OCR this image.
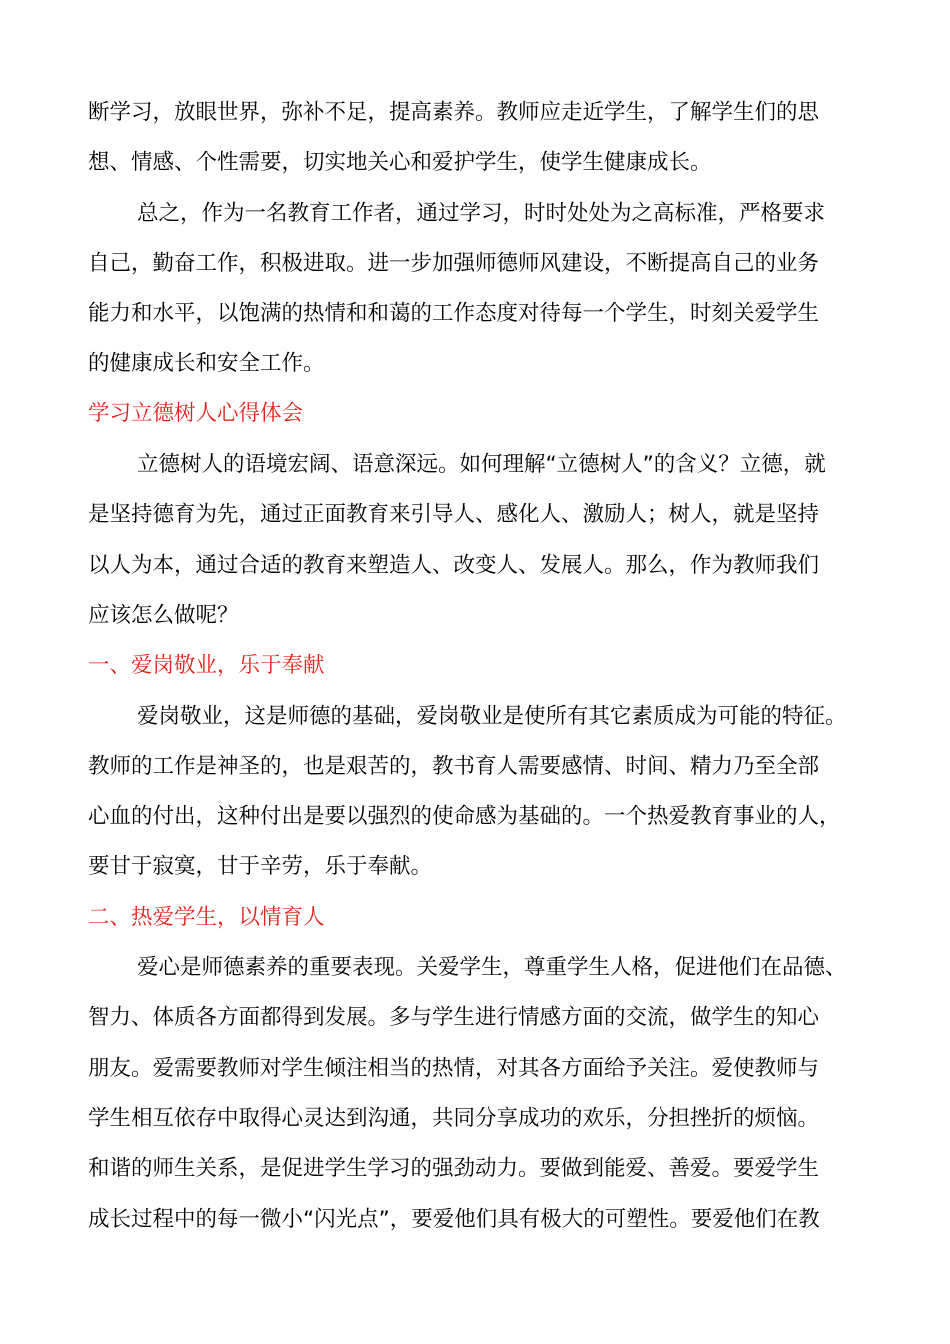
断学习，放眼世界，弥补不足，提高素养。教师应走近学生，了解学生们的思
想、情感、个性需要，切实地关心和爱护学生，使学生健康成长。
总之，作为一名教育工作者，通过学习，时时处处为之高标准，严格要求
自己，勤奋工作，积极进取。进一步加强师德师风建设，不断提高自己的业务
能力和水平，以饱满的热情和和蔼的工作态度对待每一个学生，时刻关爱学生
的健康成长和安全工作。
学习立德树人心得体会
立德树人的语境宏阔、语意深远。如何理解“立德树人”的含义？立德，就
是坚持德育为先，通过正面教育来引导人、感化人、激励人；树人，就是坚持
以人为本，通过合适的教育来塑造人、改变人、发展人。那么，作为教师我们
应该怎么做呢？
一、爱岗敬业，乐于奉献
爱岗敬业，这是师德的基础，爱岗敬业是使所有其它素质成为可能的特征。
教师的工作是神圣的，也是艰苦的，教书育人需要感情、时间、精力乃至全部
心血的付出，这种付出是要以强烈的使命感为基础的。一个热爱教育事业的人，
要甘于寂寞，甘于辛劳，乐于奉献。
二、热爱学生，以情育人
爱心是师德素养的重要表现。关爱学生，尊重学生人格，促进他们在品德、
智力、体质各方面都得到发展。多与学生进行情感方面的交流，做学生的知心
朋友。爱需要教师对学生倾注相当的热情，对其各方面给予关注。爱使教师与
学生相互依存中取得心灵达到沟通，共同分享成功的欢乐，分担挫折的烦恼。
和谐的师生关系，是促进学生学习的强劲动力。要做到能爱、善爱。要爱学生
成长过程中的每一微小“闪光点”，要爱他们具有极大的可塑性。要爱他们在教
